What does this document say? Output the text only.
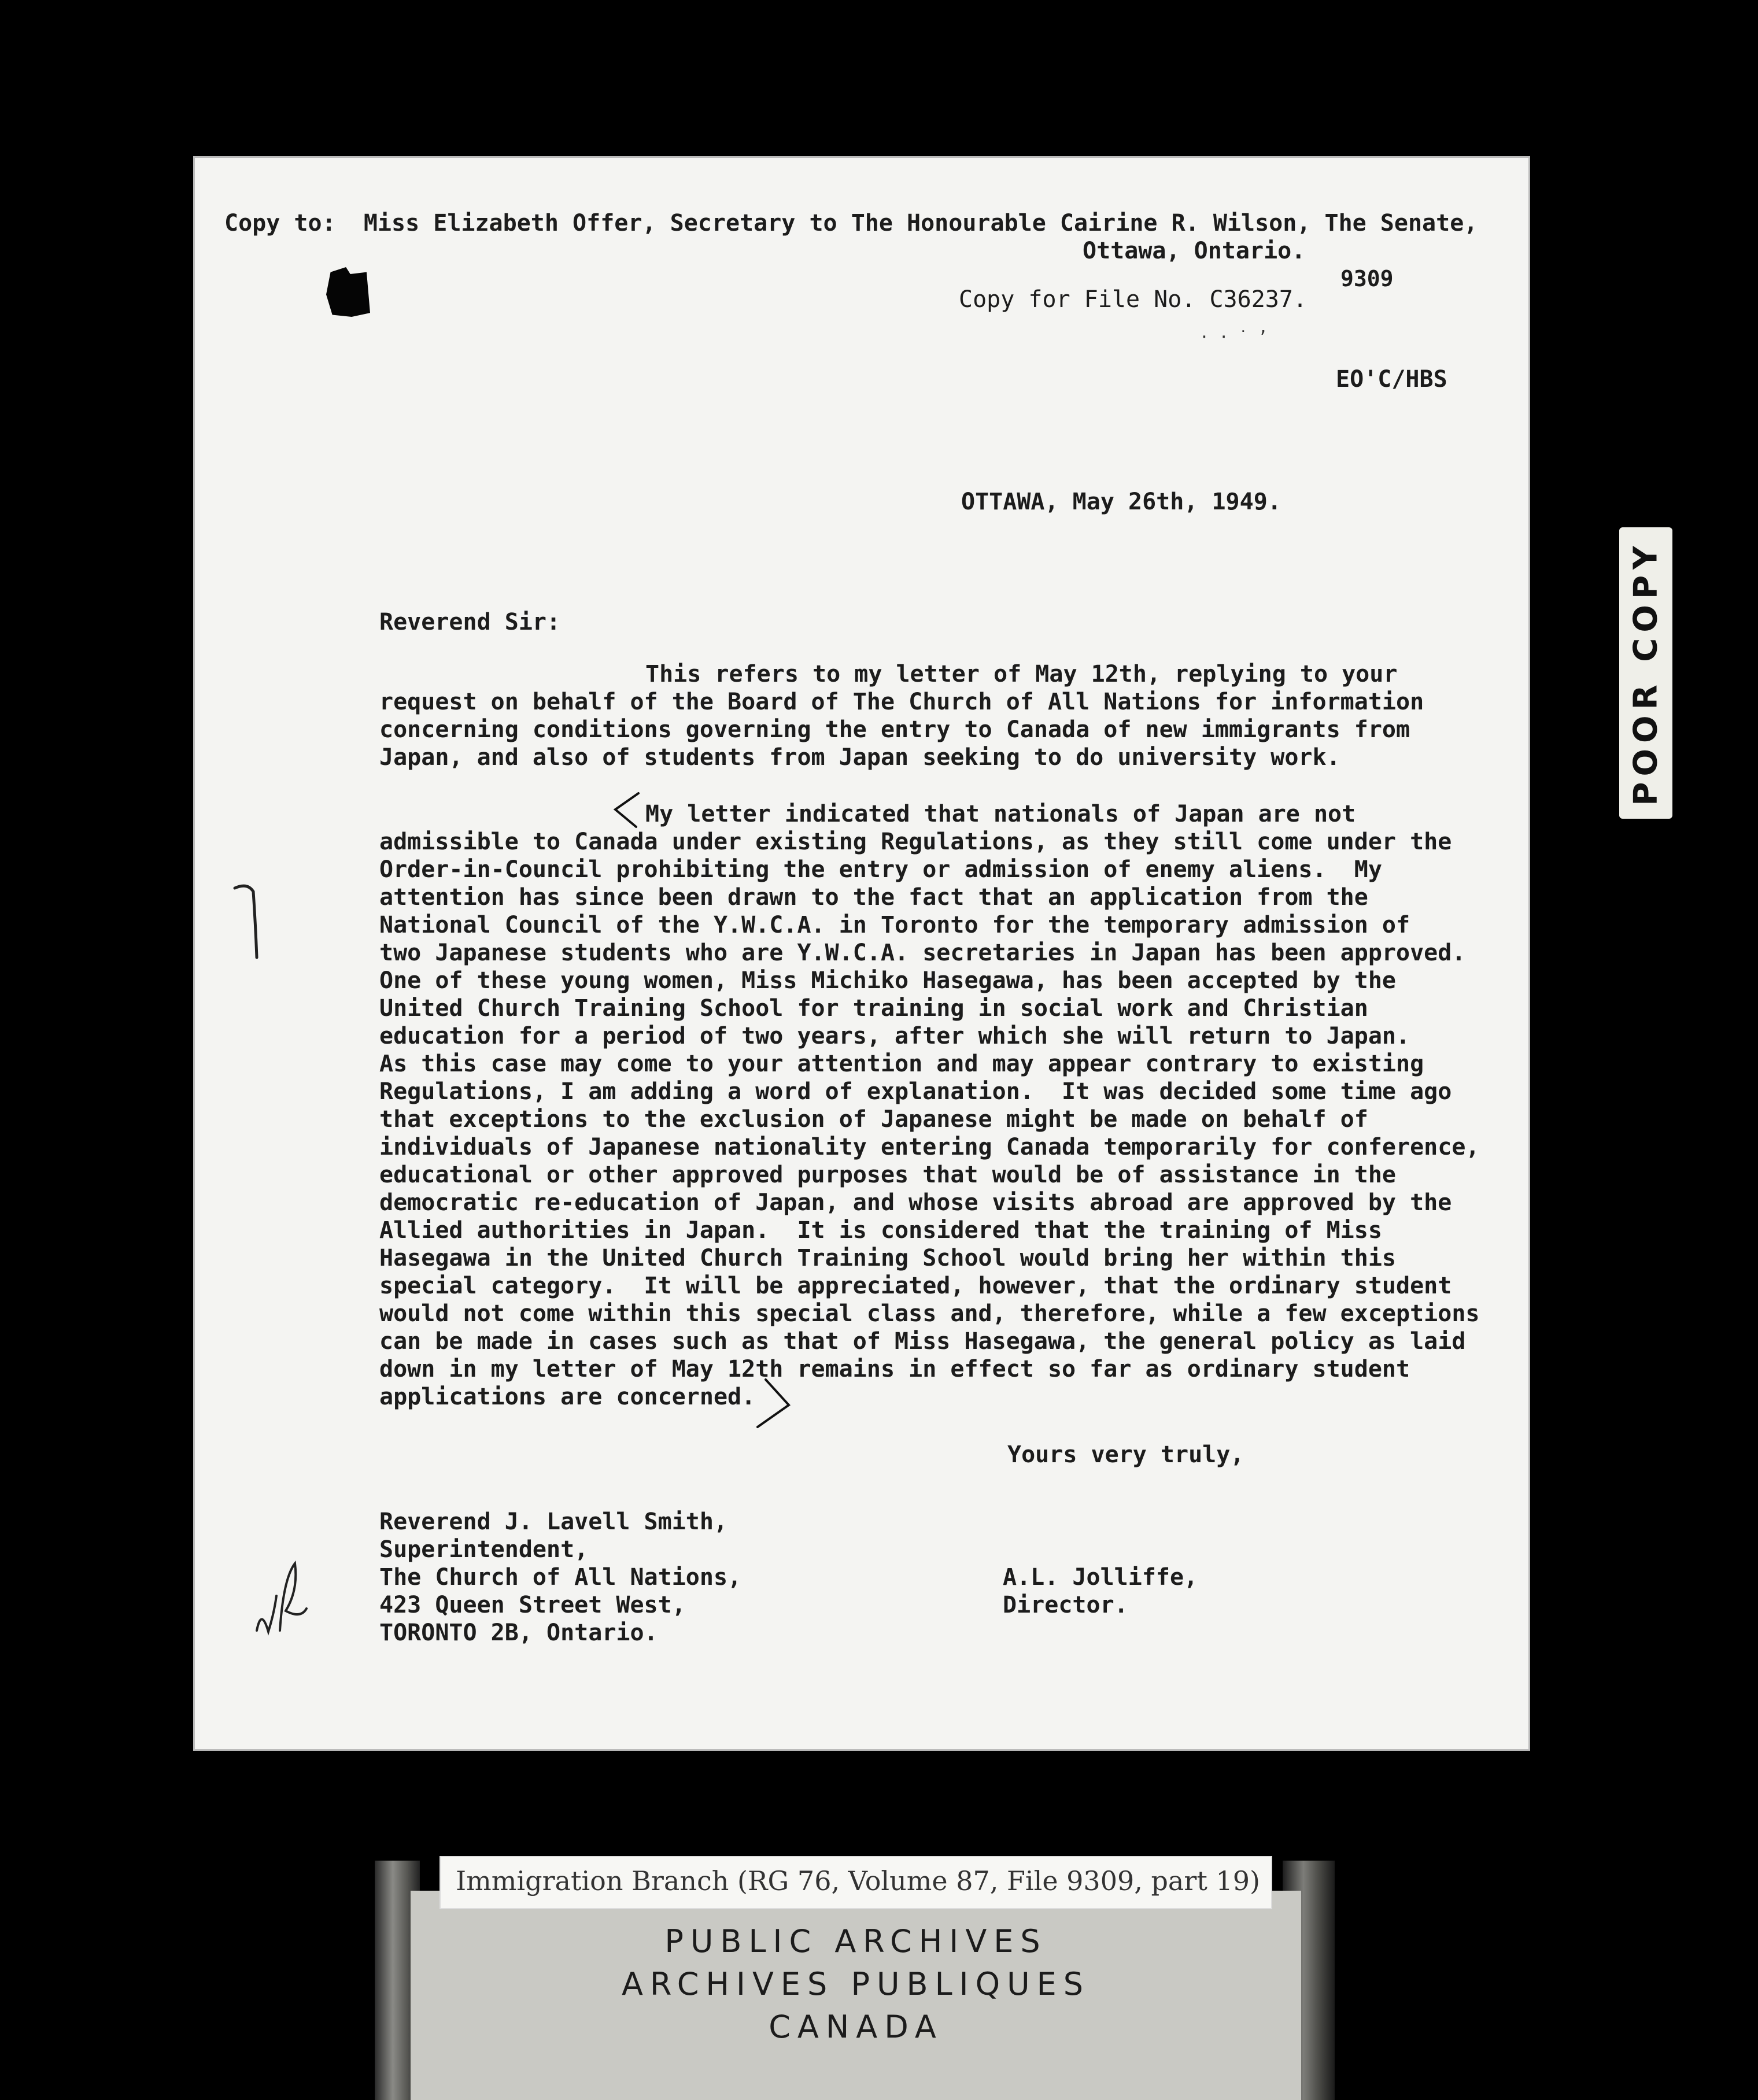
Copy to:  Miss Elizabeth Offer, Secretary to The Honourable Cairine R. Wilson, The Senate,
Ottawa, Ontario.
9309
Copy for File No. C36237.
· · ˙ ʼ
EO'C/HBS
OTTAWA, May 26th, 1949.
Reverend Sir:
This refers to my letter of May 12th, replying to your
request on behalf of the Board of The Church of All Nations for information
concerning conditions governing the entry to Canada of new immigrants from
Japan, and also of students from Japan seeking to do university work.
My letter indicated that nationals of Japan are not
admissible to Canada under existing Regulations, as they still come under the
Order-in-Council prohibiting the entry or admission of enemy aliens.  My
attention has since been drawn to the fact that an application from the
National Council of the Y.W.C.A. in Toronto for the temporary admission of
two Japanese students who are Y.W.C.A. secretaries in Japan has been approved.
One of these young women, Miss Michiko Hasegawa, has been accepted by the
United Church Training School for training in social work and Christian
education for a period of two years, after which she will return to Japan.
As this case may come to your attention and may appear contrary to existing
Regulations, I am adding a word of explanation.  It was decided some time ago
that exceptions to the exclusion of Japanese might be made on behalf of
individuals of Japanese nationality entering Canada temporarily for conference,
educational or other approved purposes that would be of assistance in the
democratic re-education of Japan, and whose visits abroad are approved by the
Allied authorities in Japan.  It is considered that the training of Miss
Hasegawa in the United Church Training School would bring her within this
special category.  It will be appreciated, however, that the ordinary student
would not come within this special class and, therefore, while a few exceptions
can be made in cases such as that of Miss Hasegawa, the general policy as laid
down in my letter of May 12th remains in effect so far as ordinary student
applications are concerned.
Yours very truly,
Reverend J. Lavell Smith,
Superintendent,
The Church of All Nations,
423 Queen Street West,
TORONTO 2B, Ontario.
A.L. Jolliffe,
Director.
POOR COPY
Immigration Branch (RG 76, Volume 87, File 9309, part 19)
PUBLIC ARCHIVES
ARCHIVES PUBLIQUES
CANADA
